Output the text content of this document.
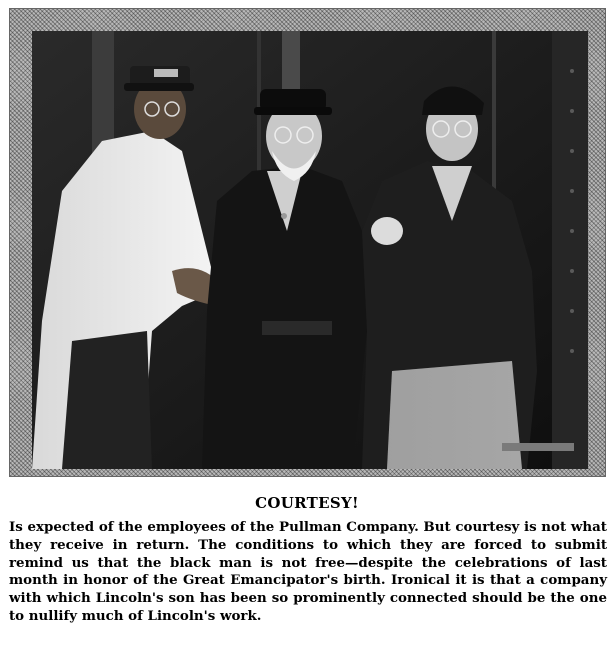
COURTESY!
Is expected of the employees of the Pullman Company. But courtesy is not what they receive in return. The conditions to which they are forced to submit remind us that the black man is not free—despite the celebrations of last month in honor of the Great Emancipator's birth. Ironical it is that a company with which Lincoln's son has been so prominently connected should be the one to nullify much of Lincoln's work.
